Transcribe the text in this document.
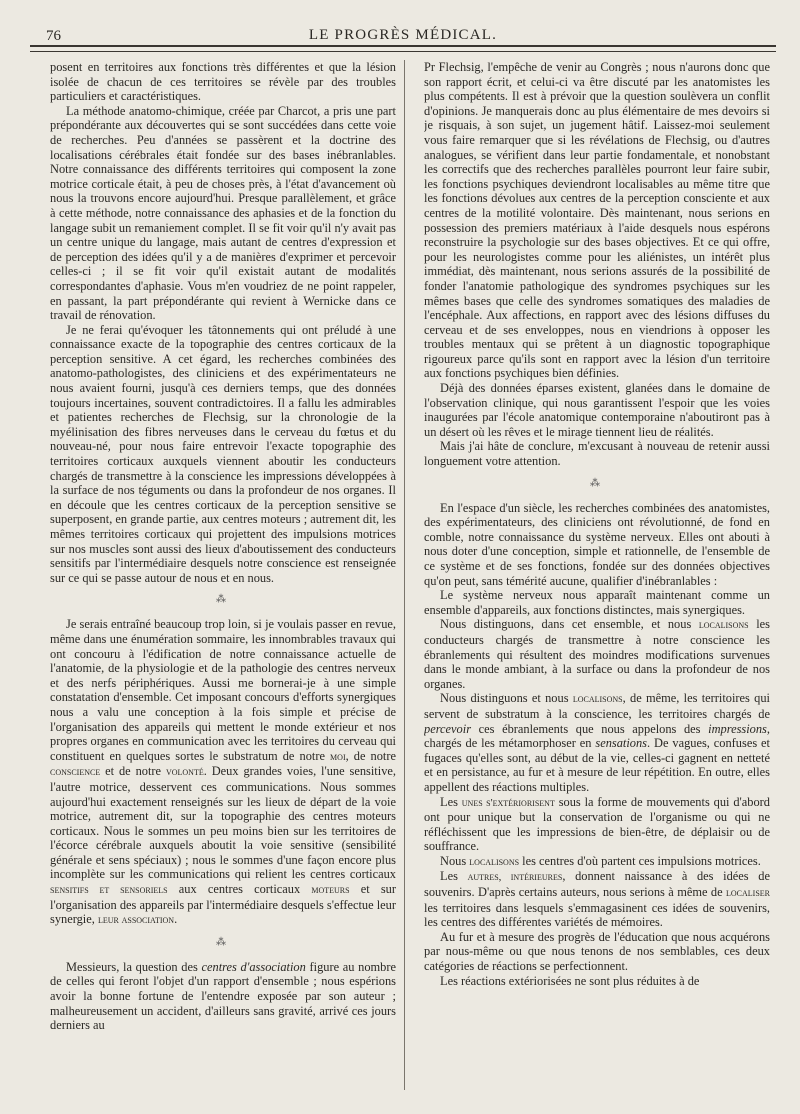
76	LE PROGRÈS MÉDICAL.

posent en territoires aux fonctions très différentes et que la lésion isolée de chacun de ces territoires se révèle par des troubles particuliers et caractéristiques.

La méthode anatomo-chimique, créée par Charcot, a pris une part prépondérante aux découvertes qui se sont succédées dans cette voie de recherches. Peu d'années se passèrent et la doctrine des localisations cérébrales était fondée sur des bases inébranlables. Notre connaissance des différents territoires qui composent la zone motrice corticale était, à peu de choses près, à l'état d'avancement où nous la trouvons encore aujourd'hui. Presque parallèlement, et grâce à cette méthode, notre connaissance des aphasies et de la fonction du langage subit un remaniement complet. Il se fit voir qu'il n'y avait pas un centre unique du langage, mais autant de centres d'expression et de perception des idées qu'il y a de manières d'exprimer et percevoir celles-ci ; il se fit voir qu'il existait autant de modalités correspondantes d'aphasie. Vous m'en voudriez de ne point rappeler, en passant, la part prépondérante qui revient à Wernicke dans ce travail de rénovation.

Je ne ferai qu'évoquer les tâtonnements qui ont préludé à une connaissance exacte de la topographie des centres corticaux de la perception sensitive. A cet égard, les recherches combinées des anatomo-pathologistes, des cliniciens et des expérimentateurs ne nous avaient fourni, jusqu'à ces derniers temps, que des données toujours incertaines, souvent contradictoires. Il a fallu les admirables et patientes recherches de Flechsig, sur la chronologie de la myélinisation des fibres nerveuses dans le cerveau du fœtus et du nouveau-né, pour nous faire entrevoir l'exacte topographie des territoires corticaux auxquels viennent aboutir les conducteurs chargés de transmettre à la conscience les impressions développées à la surface de nos téguments ou dans la profondeur de nos organes. Il en découle que les centres corticaux de la perception sensitive se superposent, en grande partie, aux centres moteurs ; autrement dit, les mêmes territoires corticaux qui projettent des impulsions motrices sur nos muscles sont aussi des lieux d'aboutissement des conducteurs sensitifs par l'intermédiaire desquels notre conscience est renseignée sur ce qui se passe autour de nous et en nous.

⁂

Je serais entraîné beaucoup trop loin, si je voulais passer en revue, même dans une énumération sommaire, les innombrables travaux qui ont concouru à l'édification de notre connaissance actuelle de l'anatomie, de la physiologie et de la pathologie des centres nerveux et des nerfs périphériques. Aussi me bornerai-je à une simple constatation d'ensemble. Cet imposant concours d'efforts synergiques nous a valu une conception à la fois simple et précise de l'organisation des appareils qui mettent le monde extérieur et nos propres organes en communication avec les territoires du cerveau qui constituent en quelques sortes le substratum de notre moi, de notre conscience et de notre volonté. Deux grandes voies, l'une sensitive, l'autre motrice, desservent ces communications. Nous sommes aujourd'hui exactement renseignés sur les lieux de départ de la voie motrice, autrement dit, sur la topographie des centres moteurs corticaux. Nous le sommes un peu moins bien sur les territoires de l'écorce cérébrale auxquels aboutit la voie sensitive (sensibilité générale et sens spéciaux) ; nous le sommes d'une façon encore plus incomplète sur les communications qui relient les centres corticaux sensitifs et sensoriels aux centres corticaux moteurs et sur l'organisation des appareils par l'intermédiaire desquels s'effectue leur synergie, leur association.

⁂

Messieurs, la question des centres d'association figure au nombre de celles qui feront l'objet d'un rapport d'ensemble ; nous espérions avoir la bonne fortune de l'entendre exposée par son auteur ; malheureusement un accident, d'ailleurs sans gravité, arrivé ces jours derniers au

Pr Flechsig, l'empêche de venir au Congrès ; nous n'aurons donc que son rapport écrit, et celui-ci va être discuté par les anatomistes les plus compétents. Il est à prévoir que la question soulèvera un conflit d'opinions. Je manquerais donc au plus élémentaire de mes devoirs si je risquais, à son sujet, un jugement hâtif. Laissez-moi seulement vous faire remarquer que si les révélations de Flechsig, ou d'autres analogues, se vérifient dans leur partie fondamentale, et nonobstant les correctifs que des recherches parallèles pourront leur faire subir, les fonctions psychiques deviendront localisables au même titre que les fonctions dévolues aux centres de la perception consciente et aux centres de la motilité volontaire. Dès maintenant, nous serions en possession des premiers matériaux à l'aide desquels nous espérons reconstruire la psychologie sur des bases objectives. Et ce qui offre, pour les neurologistes comme pour les aliénistes, un intérêt plus immédiat, dès maintenant, nous serions assurés de la possibilité de fonder l'anatomie pathologique des syndromes psychiques sur les mêmes bases que celle des syndromes somatiques des maladies de l'encéphale. Aux affections, en rapport avec des lésions diffuses du cerveau et de ses enveloppes, nous en viendrions à opposer les troubles mentaux qui se prêtent à un diagnostic topographique rigoureux parce qu'ils sont en rapport avec la lésion d'un territoire aux fonctions psychiques bien définies.

Déjà des données éparses existent, glanées dans le domaine de l'observation clinique, qui nous garantissent l'espoir que les voies inaugurées par l'école anatomique contemporaine n'aboutiront pas à un désert où les rêves et le mirage tiennent lieu de réalités.

Mais j'ai hâte de conclure, m'excusant à nouveau de retenir aussi longuement votre attention.

⁂

En l'espace d'un siècle, les recherches combinées des anatomistes, des expérimentateurs, des cliniciens ont révolutionné, de fond en comble, notre connaissance du système nerveux. Elles ont abouti à nous doter d'une conception, simple et rationnelle, de l'ensemble de ce système et de ses fonctions, fondée sur des données objectives qu'on peut, sans témérité aucune, qualifier d'inébranlables :

Le système nerveux nous apparaît maintenant comme un ensemble d'appareils, aux fonctions distinctes, mais synergiques.

Nous distinguons, dans cet ensemble, et nous localisons les conducteurs chargés de transmettre à notre conscience les ébranlements qui résultent des moindres modifications survenues dans le monde ambiant, à la surface ou dans la profondeur de nos organes.

Nous distinguons et nous localisons, de même, les territoires qui servent de substratum à la conscience, les territoires chargés de percevoir ces ébranlements que nous appelons des impressions, chargés de les métamorphoser en sensations. De vagues, confuses et fugaces qu'elles sont, au début de la vie, celles-ci gagnent en netteté et en persistance, au fur et à mesure de leur répétition. En outre, elles appellent des réactions multiples.

Les unes s'extériorisent sous la forme de mouvements qui d'abord ont pour unique but la conservation de l'organisme ou qui ne réfléchissent que les impressions de bien-être, de déplaisir ou de souffrance.

Nous localisons les centres d'où partent ces impulsions motrices.

Les autres, intérieures, donnent naissance à des idées de souvenirs. D'après certains auteurs, nous serions à même de localiser les territoires dans lesquels s'emmagasinent ces idées de souvenirs, les centres des différentes variétés de mémoires.

Au fur et à mesure des progrès de l'éducation que nous acquérons par nous-même ou que nous tenons de nos semblables, ces deux catégories de réactions se perfectionnent.

Les réactions extériorisées ne sont plus réduites à de
